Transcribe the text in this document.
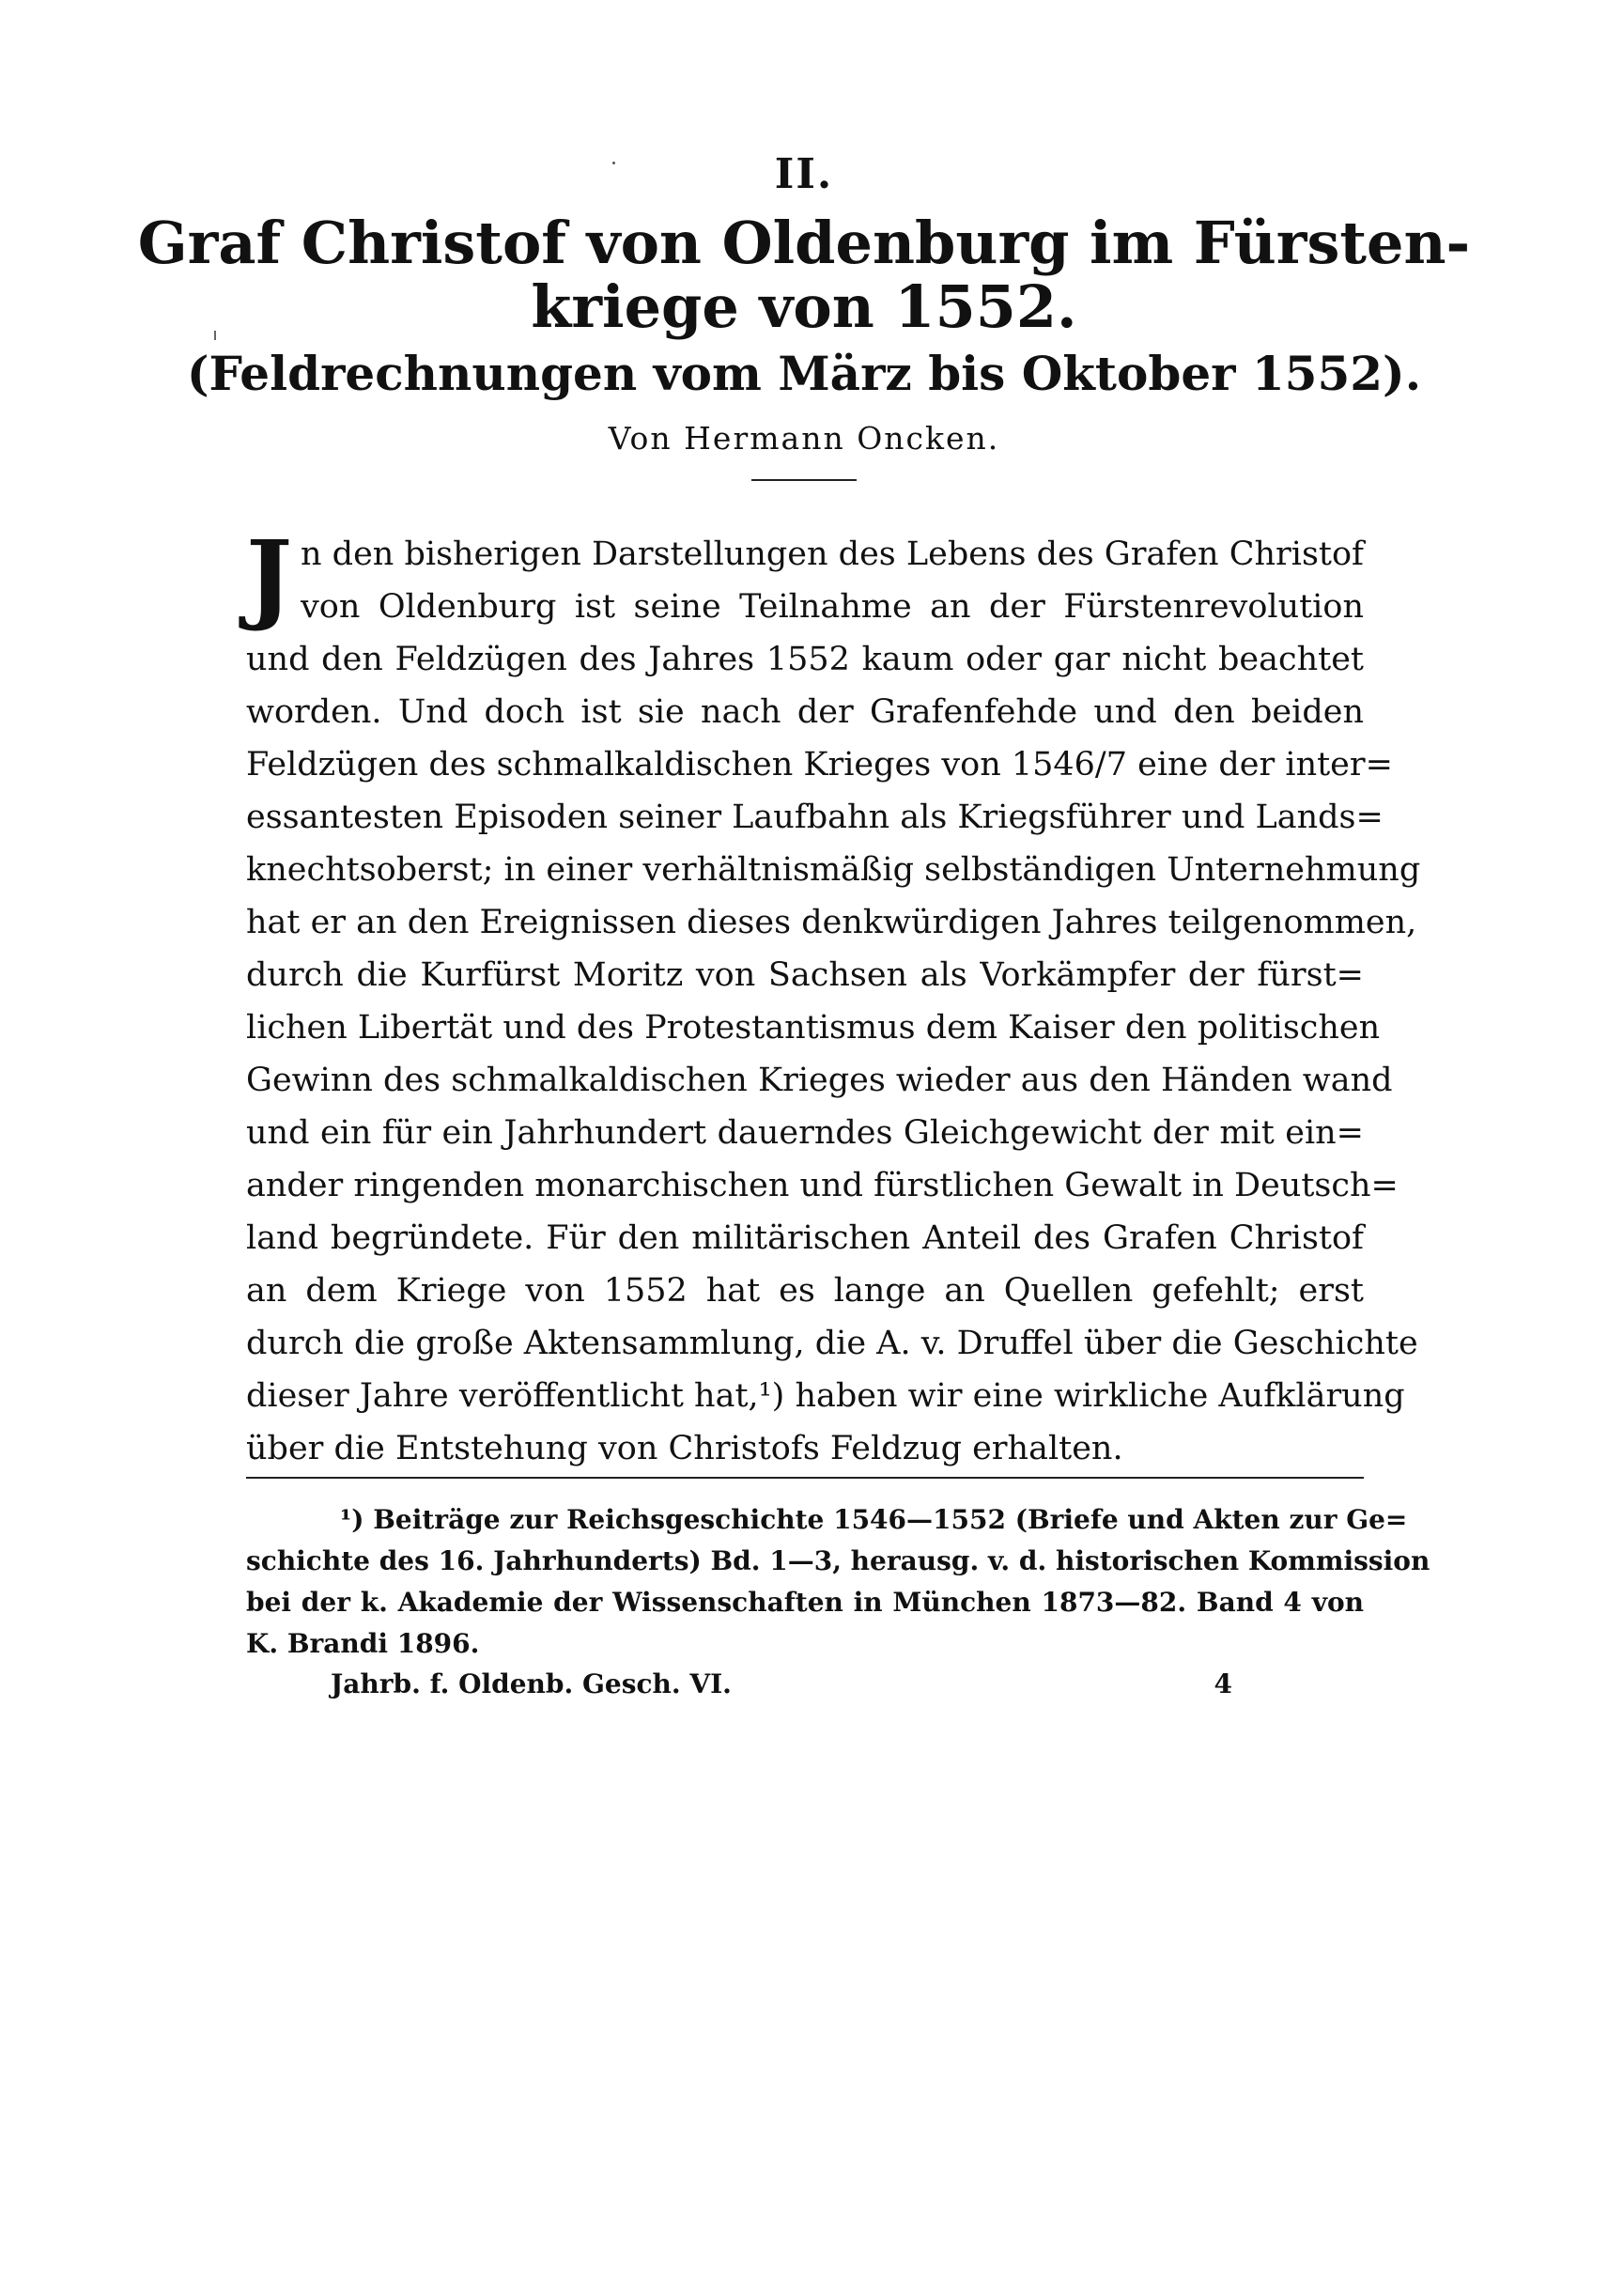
II.
Graf Christof von Oldenburg im Fürsten-
kriege von 1552.
(Feldrechnungen vom März bis Oktober 1552).
Von Hermann Oncken.
J n den bisherigen Darstellungen des Lebens des Grafen Christof
von Oldenburg ist seine Teilnahme an der Fürstenrevolution
und den Feldzügen des Jahres 1552 kaum oder gar nicht beachtet
worden. Und doch ist sie nach der Grafenfehde und den beiden
Feldzügen des schmalkaldischen Krieges von 1546/7 eine der inter=
essantesten Episoden seiner Laufbahn als Kriegsführer und Lands=
knechtsoberst; in einer verhältnismäßig selbständigen Unternehmung
hat er an den Ereignissen dieses denkwürdigen Jahres teilgenommen,
durch die Kurfürst Moritz von Sachsen als Vorkämpfer der fürst=
lichen Libertät und des Protestantismus dem Kaiser den politischen
Gewinn des schmalkaldischen Krieges wieder aus den Händen wand
und ein für ein Jahrhundert dauerndes Gleichgewicht der mit ein=
ander ringenden monarchischen und fürstlichen Gewalt in Deutsch=
land begründete. Für den militärischen Anteil des Grafen Christof
an dem Kriege von 1552 hat es lange an Quellen gefehlt; erst
durch die große Aktensammlung, die A. v. Druffel über die Geschichte
dieser Jahre veröffentlicht hat,¹) haben wir eine wirkliche Aufklärung
über die Entstehung von Christofs Feldzug erhalten.
¹) Beiträge zur Reichsgeschichte 1546—1552 (Briefe und Akten zur Ge=
schichte des 16. Jahrhunderts) Bd. 1—3, herausg. v. d. historischen Kommission
bei der k. Akademie der Wissenschaften in München 1873—82. Band 4 von
K. Brandi 1896.
Jahrb. f. Oldenb. Gesch. VI.	4
